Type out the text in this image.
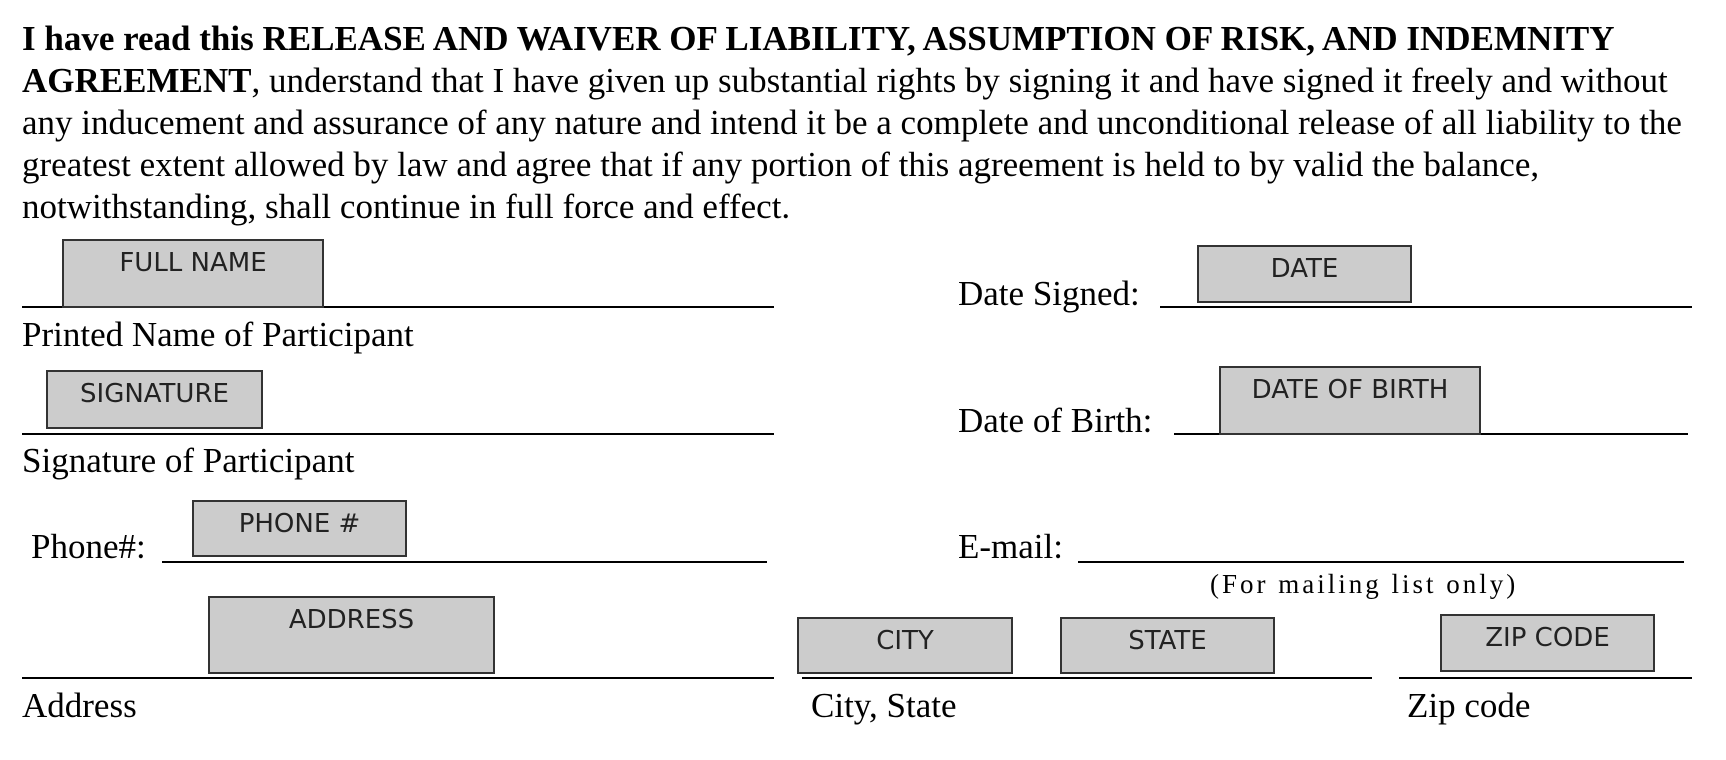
I have read this RELEASE AND WAIVER OF LIABILITY, ASSUMPTION OF RISK, AND INDEMNITY AGREEMENT, understand that I have given up substantial rights by signing it and have signed it freely and without any inducement and assurance of any nature and intend it be a complete and unconditional release of all liability to the greatest extent allowed by law and agree that if any portion of this agreement is held to by valid the balance, notwithstanding, shall continue in full force and effect.

FULL NAME
Printed Name of Participant
Date Signed:
DATE
SIGNATURE
Signature of Participant
Date of Birth:
DATE OF BIRTH
Phone#:
PHONE #
E-mail:
(For mailing list only)
ADDRESS
Address
CITY	STATE
City, State
ZIP CODE
Zip code
